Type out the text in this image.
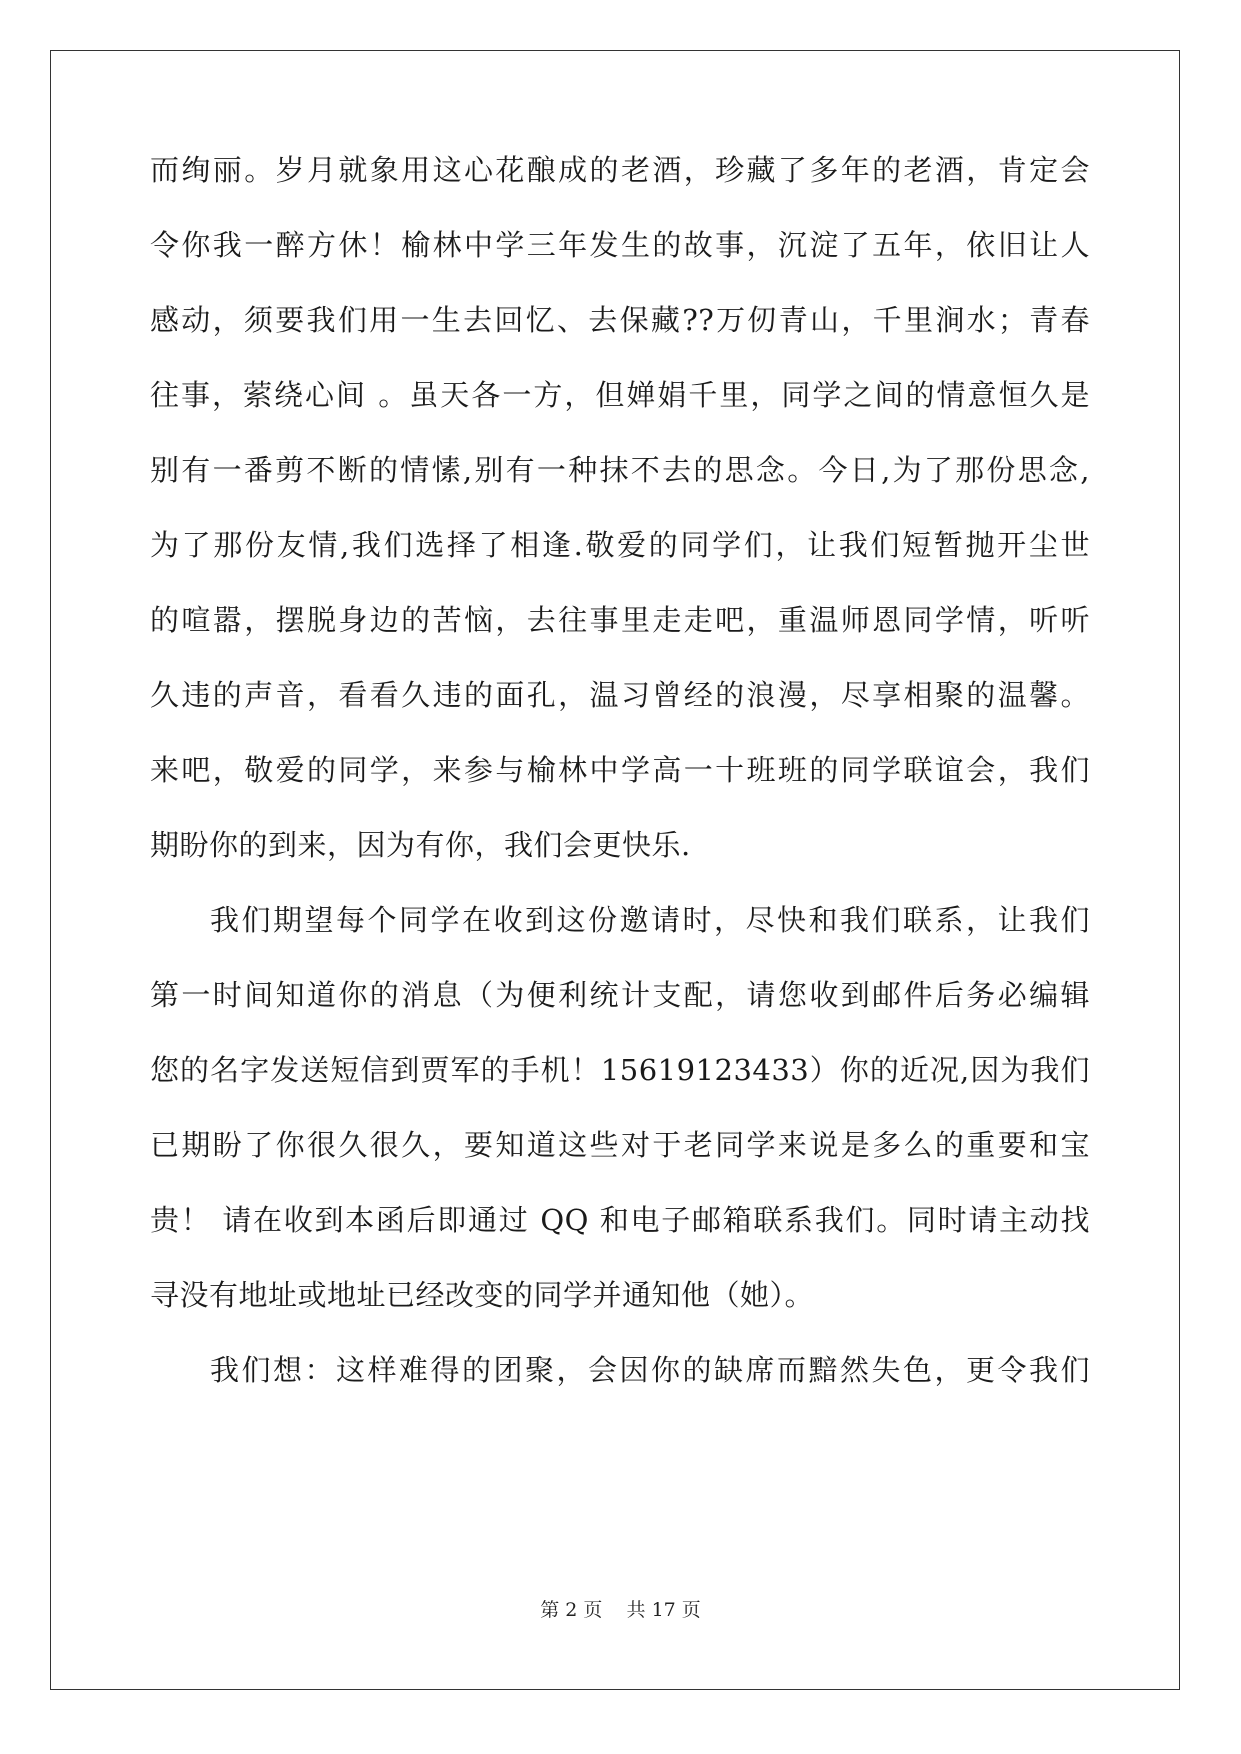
而绚丽。岁月就象用这心花酿成的老酒，珍藏了多年的老酒，肯定会
令你我一醉方休！榆林中学三年发生的故事，沉淀了五年，依旧让人
感动，须要我们用一生去回忆、去保藏??万仞青山，千里涧水；青春
往事，萦绕心间 。虽天各一方，但婵娟千里，同学之间的情意恒久是
别有一番剪不断的情愫,别有一种抹不去的思念。今日,为了那份思念,
为了那份友情,我们选择了相逢.敬爱的同学们，让我们短暂抛开尘世
的喧嚣，摆脱身边的苦恼，去往事里走走吧，重温师恩同学情，听听
久违的声音，看看久违的面孔，温习曾经的浪漫，尽享相聚的温馨。
来吧，敬爱的同学，来参与榆林中学高一十班班的同学联谊会，我们
期盼你的到来，因为有你，我们会更快乐.
我们期望每个同学在收到这份邀请时，尽快和我们联系，让我们
第一时间知道你的消息（为便利统计支配，请您收到邮件后务必编辑
您的名字发送短信到贾军的手机！15619123433）你的近况,因为我们
已期盼了你很久很久，要知道这些对于老同学来说是多么的重要和宝
贵！ 请在收到本函后即通过 QQ 和电子邮箱联系我们。同时请主动找
寻没有地址或地址已经改变的同学并通知他（她）。
我们想：这样难得的团聚，会因你的缺席而黯然失色，更令我们
第 2 页    共 17 页
